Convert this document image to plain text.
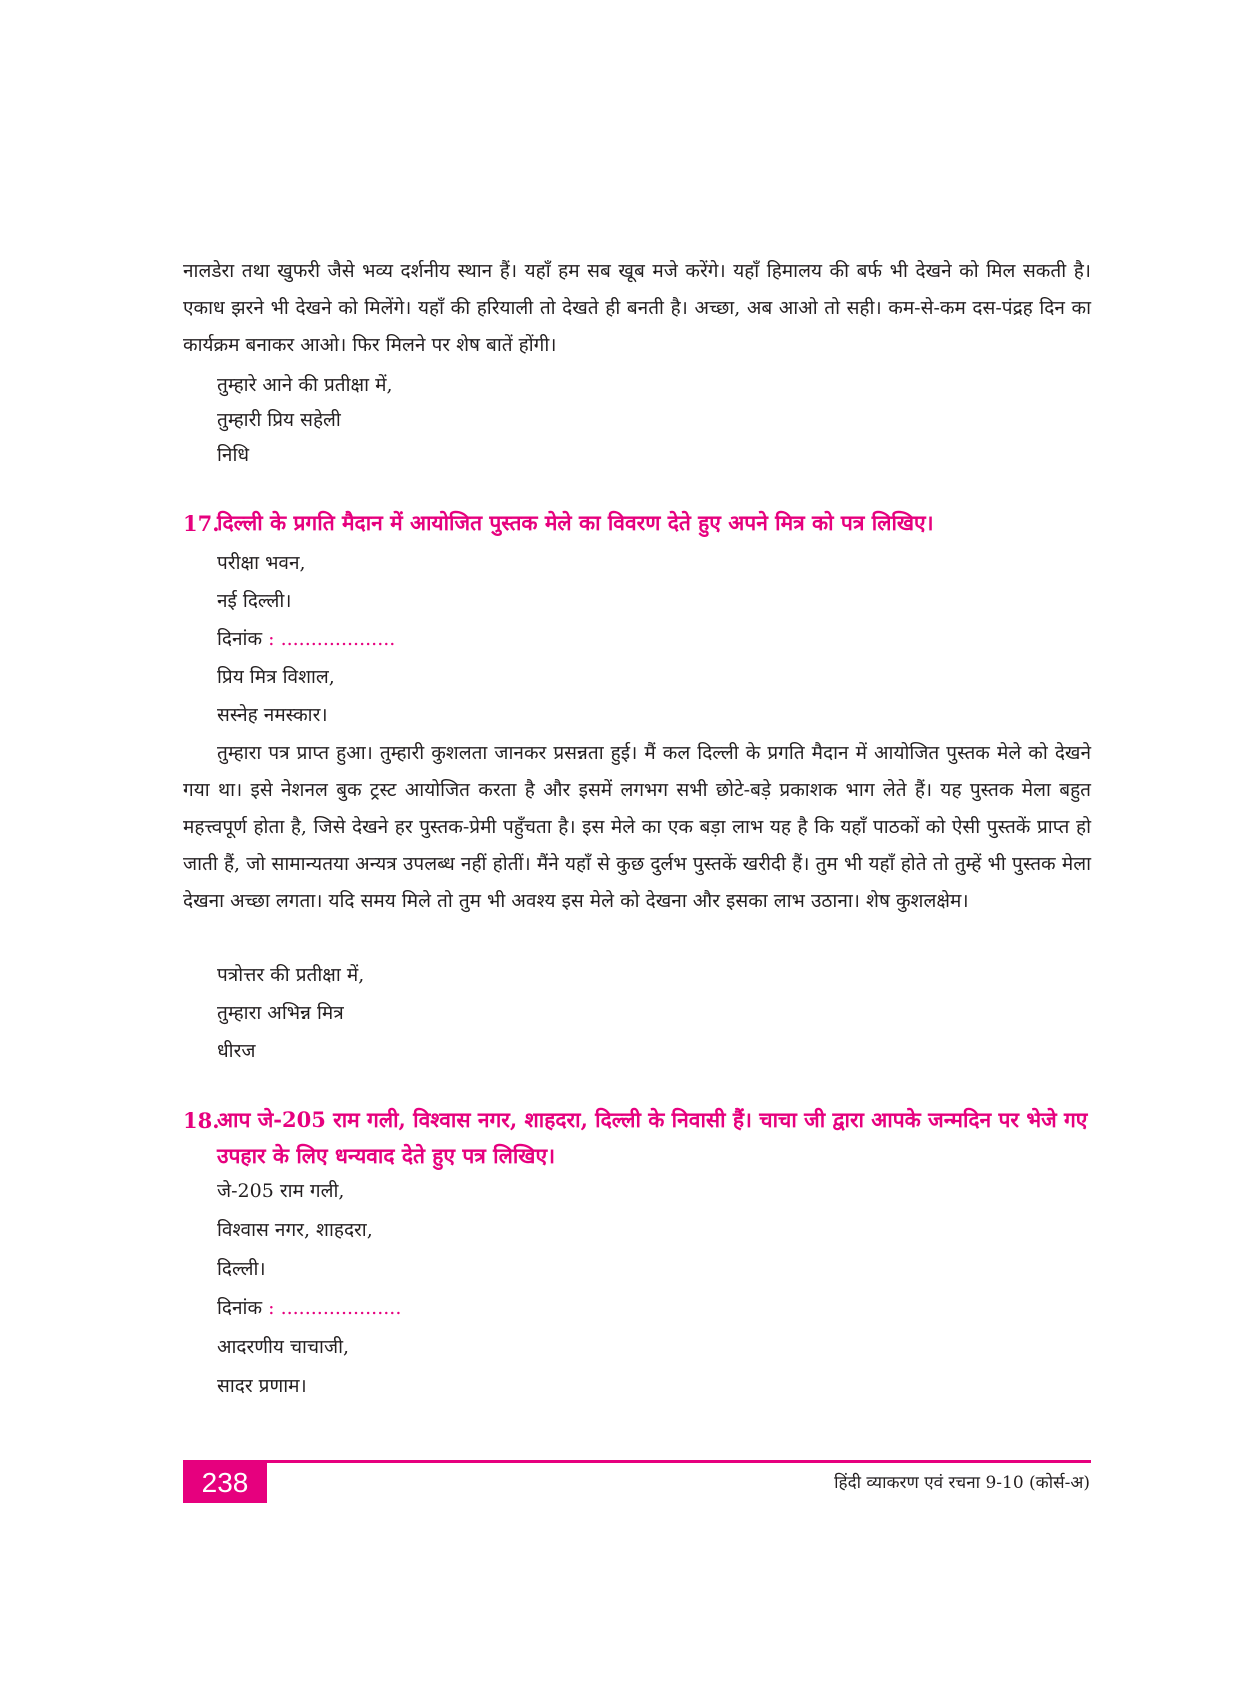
नालडेरा तथा खुफरी जैसे भव्य दर्शनीय स्थान हैं। यहाँ हम सब खूब मजे करेंगे। यहाँ हिमालय की बर्फ भी देखने को मिल सकती है। एकाध झरने भी देखने को मिलेंगे। यहाँ की हरियाली तो देखते ही बनती है। अच्छा, अब आओ तो सही। कम-से-कम दस-पंद्रह दिन का कार्यक्रम बनाकर आओ। फिर मिलने पर शेष बातें होंगी।

तुम्हारे आने की प्रतीक्षा में,

तुम्हारी प्रिय सहेली

निधि

17.

दिल्ली के प्रगति मैदान में आयोजित पुस्तक मेले का विवरण देते हुए अपने मित्र को पत्र लिखिए।

परीक्षा भवन,

नई दिल्ली।

दिनांक : ...................

प्रिय मित्र विशाल,

सस्नेह नमस्कार।

तुम्हारा पत्र प्राप्त हुआ। तुम्हारी कुशलता जानकर प्रसन्नता हुई। मैं कल दिल्ली के प्रगति मैदान में आयोजित पुस्तक मेले को देखने गया था। इसे नेशनल बुक ट्रस्ट आयोजित करता है और इसमें लगभग सभी छोटे-बड़े प्रकाशक भाग लेते हैं। यह पुस्तक मेला बहुत महत्त्वपूर्ण होता है, जिसे देखने हर पुस्तक-प्रेमी पहुँचता है। इस मेले का एक बड़ा लाभ यह है कि यहाँ पाठकों को ऐसी पुस्तकें प्राप्त हो जाती हैं, जो सामान्यतया अन्यत्र उपलब्ध नहीं होतीं। मैंने यहाँ से कुछ दुर्लभ पुस्तकें खरीदी हैं। तुम भी यहाँ होते तो तुम्हें भी पुस्तक मेला देखना अच्छा लगता। यदि समय मिले तो तुम भी अवश्य इस मेले को देखना और इसका लाभ उठाना। शेष कुशलक्षेम।

पत्रोत्तर की प्रतीक्षा में,

तुम्हारा अभिन्न मित्र

धीरज

18.

आप जे-205 राम गली, विश्वास नगर, शाहदरा, दिल्ली के निवासी हैं। चाचा जी द्वारा आपके जन्मदिन पर भेजे गए उपहार के लिए धन्यवाद देते हुए पत्र लिखिए।

जे-205 राम गली,

विश्वास नगर, शाहदरा,

दिल्ली।

दिनांक : ....................

आदरणीय चाचाजी,

सादर प्रणाम।

238	हिंदी व्याकरण एवं रचना 9-10 (कोर्स-अ)
